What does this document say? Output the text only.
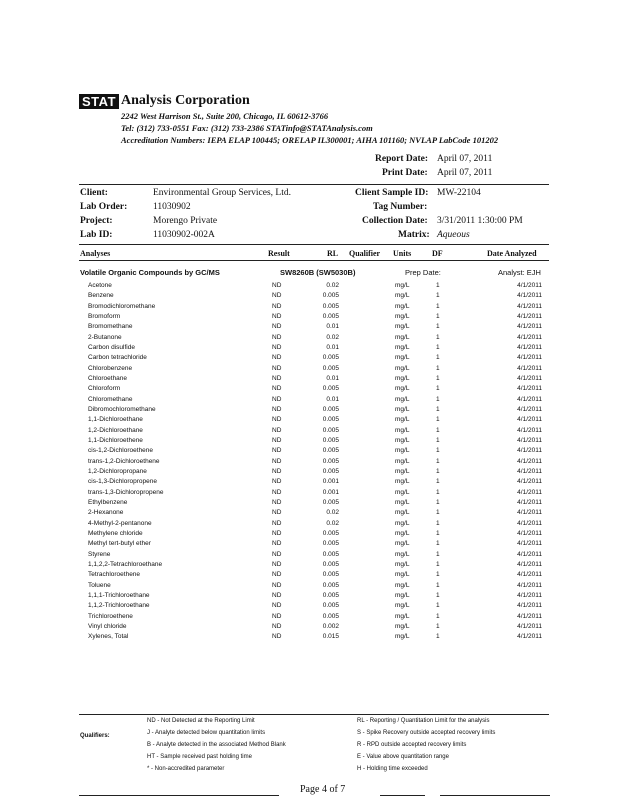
STAT Analysis Corporation
2242 West Harrison St., Suite 200, Chicago, IL 60612-3766
Tel: (312) 733-0551 Fax: (312) 733-2386 STATinfo@STATAnalysis.com
Accreditation Numbers: IEPA ELAP 100445; ORELAP IL300001; AIHA 101160; NVLAP LabCode 101202
Report Date: April 07, 2011
Print Date: April 07, 2011
Client:	Environmental Group Services, Ltd.	Client Sample ID: MW-22104
Lab Order:	11030902	Tag Number:
Project:	Morengo Private	Collection Date: 3/31/2011 1:30:00 PM
Lab ID:	11030902-002A	Matrix: Aqueous
Analyses	Result	RL Qualifier Units	DF	Date Analyzed
Volatile Organic Compounds by GC/MS	SW8260B (SW5030B)	Prep Date:	Analyst: EJH
Acetone	ND	0.02	mg/L	1	4/1/2011
Benzene	ND	0.005	mg/L	1	4/1/2011
Bromodichloromethane	ND	0.005	mg/L	1	4/1/2011
Bromoform	ND	0.005	mg/L	1	4/1/2011
Bromomethane	ND	0.01	mg/L	1	4/1/2011
2-Butanone	ND	0.02	mg/L	1	4/1/2011
Carbon disulfide	ND	0.01	mg/L	1	4/1/2011
Carbon tetrachloride	ND	0.005	mg/L	1	4/1/2011
Chlorobenzene	ND	0.005	mg/L	1	4/1/2011
Chloroethane	ND	0.01	mg/L	1	4/1/2011
Chloroform	ND	0.005	mg/L	1	4/1/2011
Chloromethane	ND	0.01	mg/L	1	4/1/2011
Dibromochloromethane	ND	0.005	mg/L	1	4/1/2011
1,1-Dichloroethane	ND	0.005	mg/L	1	4/1/2011
1,2-Dichloroethane	ND	0.005	mg/L	1	4/1/2011
1,1-Dichloroethene	ND	0.005	mg/L	1	4/1/2011
cis-1,2-Dichloroethene	ND	0.005	mg/L	1	4/1/2011
trans-1,2-Dichloroethene	ND	0.005	mg/L	1	4/1/2011
1,2-Dichloropropane	ND	0.005	mg/L	1	4/1/2011
cis-1,3-Dichloropropene	ND	0.001	mg/L	1	4/1/2011
trans-1,3-Dichloropropene	ND	0.001	mg/L	1	4/1/2011
Ethylbenzene	ND	0.005	mg/L	1	4/1/2011
2-Hexanone	ND	0.02	mg/L	1	4/1/2011
4-Methyl-2-pentanone	ND	0.02	mg/L	1	4/1/2011
Methylene chloride	ND	0.005	mg/L	1	4/1/2011
Methyl tert-butyl ether	ND	0.005	mg/L	1	4/1/2011
Styrene	ND	0.005	mg/L	1	4/1/2011
1,1,2,2-Tetrachloroethane	ND	0.005	mg/L	1	4/1/2011
Tetrachloroethene	ND	0.005	mg/L	1	4/1/2011
Toluene	ND	0.005	mg/L	1	4/1/2011
1,1,1-Trichloroethane	ND	0.005	mg/L	1	4/1/2011
1,1,2-Trichloroethane	ND	0.005	mg/L	1	4/1/2011
Trichloroethene	ND	0.005	mg/L	1	4/1/2011
Vinyl chloride	ND	0.002	mg/L	1	4/1/2011
Xylenes, Total	ND	0.015	mg/L	1	4/1/2011
Qualifiers:
ND - Not Detected at the Reporting Limit
J - Analyte detected below quantitation limits
B - Analyte detected in the associated Method Blank
HT - Sample received past holding time
* - Non-accredited parameter
RL - Reporting / Quantitation Limit for the analysis
S - Spike Recovery outside accepted recovery limits
R - RPD outside accepted recovery limits
E - Value above quantitation range
H - Holding time exceeded
Page 4 of 7
